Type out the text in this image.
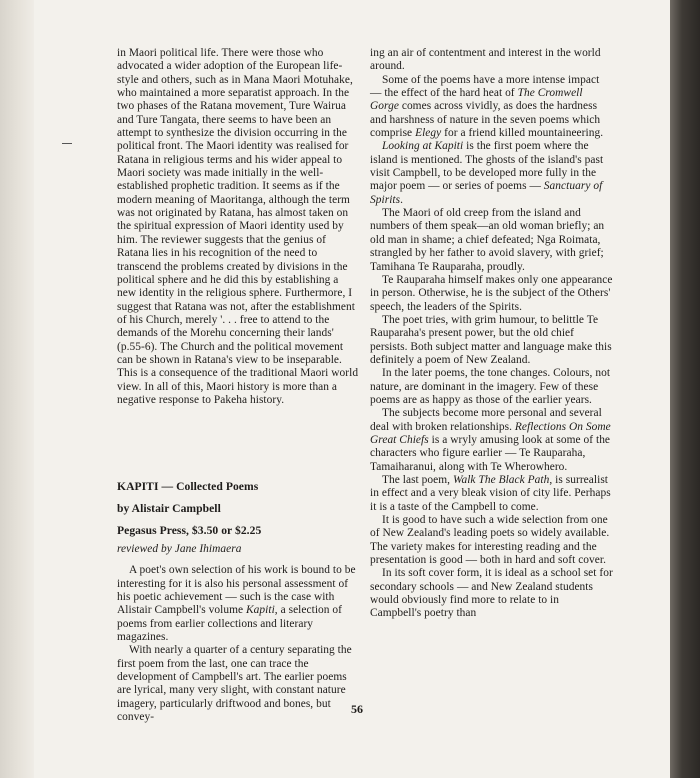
in Maori political life. There were those who advocated a wider adoption of the European life-style and others, such as in Mana Maori Motuhake, who maintained a more separatist approach. In the two phases of the Ratana movement, Ture Wairua and Ture Tangata, there seems to have been an attempt to synthesize the division occurring in the political front. The Maori identity was realised for Ratana in religious terms and his wider appeal to Maori society was made initially in the well-established prophetic tradition. It seems as if the modern meaning of Maoritanga, although the term was not originated by Ratana, has almost taken on the spiritual expression of Maori identity used by him. The reviewer suggests that the genius of Ratana lies in his recognition of the need to transcend the problems created by divisions in the political sphere and he did this by establishing a new identity in the religious sphere. Furthermore, I suggest that Ratana was not, after the establishment of his Church, merely '. . . free to attend to the demands of the Morehu concerning their lands' (p.55-6). The Church and the political movement can be shown in Ratana's view to be inseparable. This is a consequence of the traditional Maori world view. In all of this, Maori history is more than a negative response to Pakeha history.

KAPITI — Collected Poems

by Alistair Campbell

Pegasus Press, $3.50 or $2.25

reviewed by Jane Ihimaera

A poet's own selection of his work is bound to be interesting for it is also his personal assessment of his poetic achievement — such is the case with Alistair Campbell's volume Kapiti, a selection of poems from earlier collections and literary magazines.

With nearly a quarter of a century separating the first poem from the last, one can trace the development of Campbell's art. The earlier poems are lyrical, many very slight, with constant nature imagery, particularly driftwood and bones, but convey-

ing an air of contentment and interest in the world around.

Some of the poems have a more intense impact — the effect of the hard heat of The Cromwell Gorge comes across vividly, as does the hardness and harshness of nature in the seven poems which comprise Elegy for a friend killed mountaineering.

Looking at Kapiti is the first poem where the island is mentioned. The ghosts of the island's past visit Campbell, to be developed more fully in the major poem — or series of poems — Sanctuary of Spirits.

The Maori of old creep from the island and numbers of them speak—an old woman briefly; an old man in shame; a chief defeated; Nga Roimata, strangled by her father to avoid slavery, with grief; Tamihana Te Rauparaha, proudly.

Te Rauparaha himself makes only one appearance in person. Otherwise, he is the subject of the Others' speech, the leaders of the Spirits.

The poet tries, with grim humour, to belittle Te Rauparaha's present power, but the old chief persists. Both subject matter and language make this definitely a poem of New Zealand.

In the later poems, the tone changes. Colours, not nature, are dominant in the imagery. Few of these poems are as happy as those of the earlier years.

The subjects become more personal and several deal with broken relationships. Reflections On Some Great Chiefs is a wryly amusing look at some of the characters who figure earlier — Te Rauparaha, Tamaiharanui, along with Te Wherowhero.

The last poem, Walk The Black Path, is surrealist in effect and a very bleak vision of city life. Perhaps it is a taste of the Campbell to come.

It is good to have such a wide selection from one of New Zealand's leading poets so widely available. The variety makes for interesting reading and the presentation is good — both in hard and soft cover.

In its soft cover form, it is ideal as a school set for secondary schools — and New Zealand students would obviously find more to relate to in Campbell's poetry than

56
